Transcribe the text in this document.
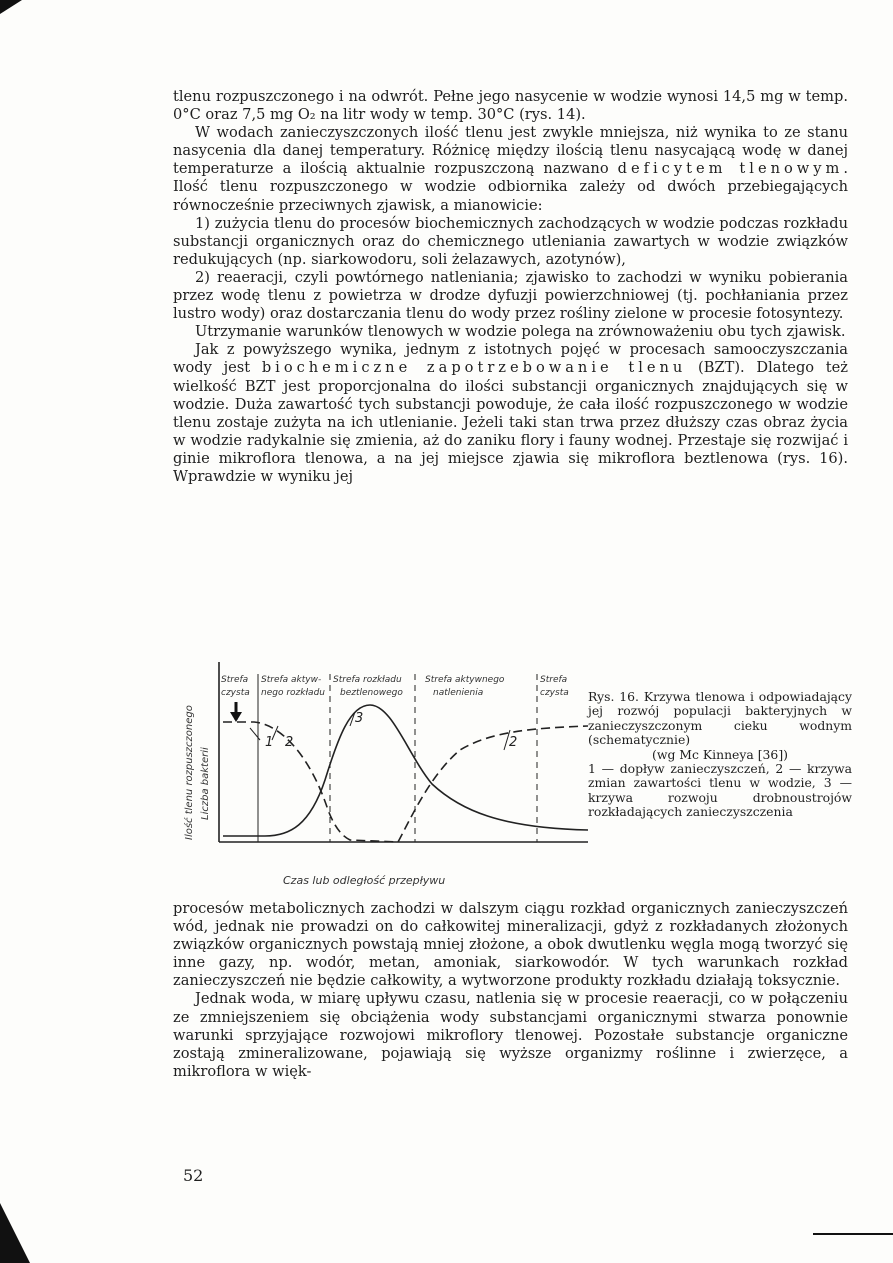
tlenu rozpuszczonego i na odwrót. Pełne jego nasycenie w wodzie wynosi 14,5 mg w temp. 0°C oraz 7,5 mg O₂ na litr wody w temp. 30°C (rys. 14).

W wodach zanieczyszczonych ilość tlenu jest zwykle mniejsza, niż wynika to ze stanu nasycenia dla danej temperatury. Różnicę między ilością tlenu nasycającą wodę w danej temperaturze a ilością aktualnie rozpuszczoną nazwano deficytem tlenowym. Ilość tlenu rozpuszczonego w wodzie odbiornika zależy od dwóch przebiegających równocześnie przeciwnych zjawisk, a mianowicie:

1) zużycia tlenu do procesów biochemicznych zachodzących w wodzie podczas rozkładu substancji organicznych oraz do chemicznego utleniania zawartych w wodzie związków redukujących (np. siarkowodoru, soli żelazawych, azotynów),

2) reaeracji, czyli powtórnego natleniania; zjawisko to zachodzi w wyniku pobierania przez wodę tlenu z powietrza w drodze dyfuzji powierzchniowej (tj. pochłaniania przez lustro wody) oraz dostarczania tlenu do wody przez rośliny zielone w procesie fotosyntezy.

Utrzymanie warunków tlenowych w wodzie polega na zrównoważeniu obu tych zjawisk.

Jak z powyższego wynika, jednym z istotnych pojęć w procesach samooczyszczania wody jest biochemiczne zapotrzebowanie tlenu (BZT). Dlatego też wielkość BZT jest proporcjonalna do ilości substancji organicznych znajdujących się w wodzie. Duża zawartość tych substancji powoduje, że cała ilość rozpuszczonego w wodzie tlenu zostaje zużyta na ich utlenianie. Jeżeli taki stan trwa przez dłuższy czas obraz życia w wodzie radykalnie się zmienia, aż do zaniku flory i fauny wodnej. Przestaje się rozwijać i ginie mikroflora tlenowa, a na jej miejsce zjawia się mikroflora beztlenowa (rys. 16). Wprawdzie w wyniku jej

Strefa
czysta
Strefa aktyw-
nego rozkładu
Strefa rozkładu
beztlenowego
Strefa aktywnego
natlenienia
Strefa
czysta
Ilość tlenu rozpuszczonego Liczba bakterii
1 2
3
2
Czas lub odległość przepływu

Rys. 16. Krzywa tlenowa i odpowiadający jej rozwój populacji bakteryjnych w zanieczyszczonym cieku wodnym (schematycznie)

(wg Mc Kinneya [36])

1 — dopływ zanieczyszczeń, 2 — krzywa zmian zawartości tlenu w wodzie, 3 — krzywa rozwoju drobnoustrojów rozkładających zanieczyszczenia

procesów metabolicznych zachodzi w dalszym ciągu rozkład organicznych zanieczyszczeń wód, jednak nie prowadzi on do całkowitej mineralizacji, gdyż z rozkładanych złożonych związków organicznych powstają mniej złożone, a obok dwutlenku węgla mogą tworzyć się inne gazy, np. wodór, metan, amoniak, siarkowodór. W tych warunkach rozkład zanieczyszczeń nie będzie całkowity, a wytworzone produkty rozkładu działają toksycznie.

Jednak woda, w miarę upływu czasu, natlenia się w procesie reaeracji, co w połączeniu ze zmniejszeniem się obciążenia wody substancjami organicznymi stwarza ponownie warunki sprzyjające rozwojowi mikroflory tlenowej. Pozostałe substancje organiczne zostają zmineralizowane, pojawiają się wyższe organizmy roślinne i zwierzęce, a mikroflora w więk-

52
